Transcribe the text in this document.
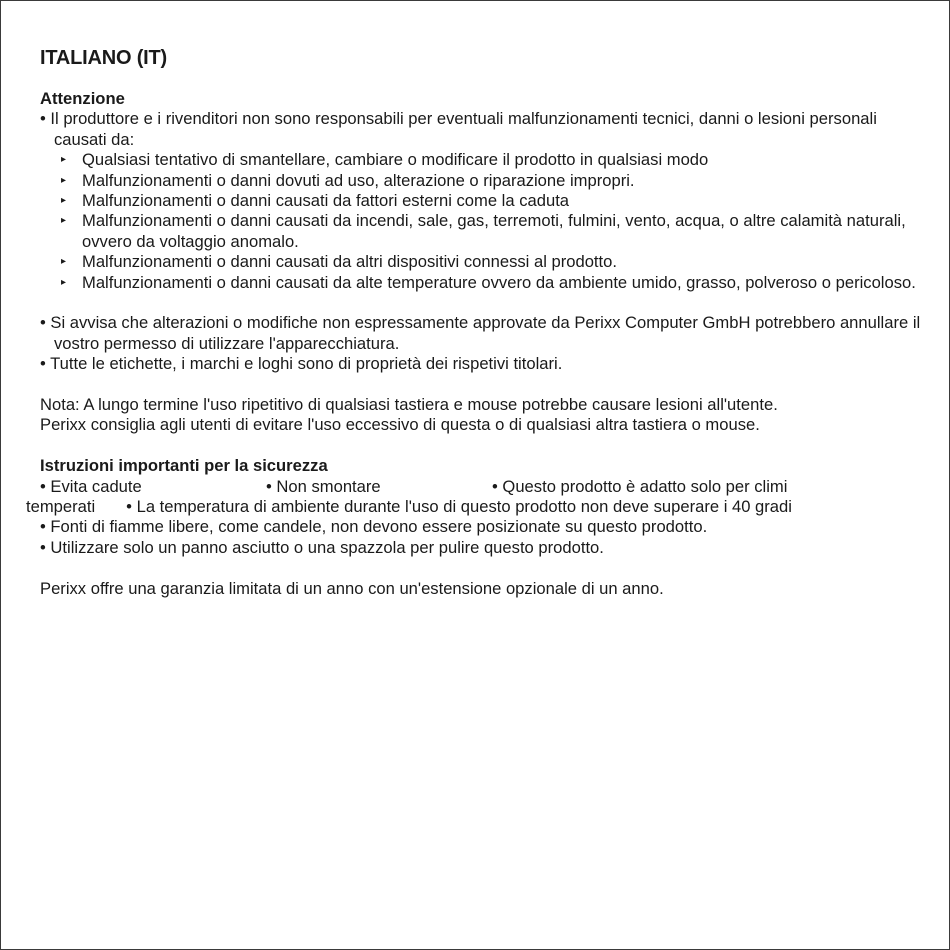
ITALIANO (IT)
Attenzione
• Il produttore e i rivenditori non sono responsabili per eventuali malfunzionamenti tecnici, danni o lesioni personali causati da:
▸ Qualsiasi tentativo di smantellare, cambiare o modificare il prodotto in qualsiasi modo
▸ Malfunzionamenti o danni dovuti ad uso, alterazione o riparazione impropri.
▸ Malfunzionamenti o danni causati da fattori esterni come la caduta
▸ Malfunzionamenti o danni causati da incendi, sale, gas, terremoti, fulmini, vento, acqua, o altre calamità naturali, ovvero da voltaggio anomalo.
▸ Malfunzionamenti o danni causati da altri dispositivi connessi al prodotto.
▸ Malfunzionamenti o danni causati da alte temperature ovvero da ambiente umido, grasso, polveroso o pericoloso.
• Si avvisa che alterazioni o modifiche non espressamente approvate da Perixx Computer GmbH potrebbero annullare il vostro permesso di utilizzare l'apparecchiatura.
• Tutte le etichette, i marchi e loghi sono di proprietà dei rispetivi titolari.
Nota: A lungo termine l'uso ripetitivo di qualsiasi tastiera e mouse potrebbe causare lesioni all'utente.
Perixx consiglia agli utenti di evitare l'uso eccessivo di questa o di qualsiasi altra tastiera o mouse.
Istruzioni importanti per la sicurezza
• Evita cadute	• Non smontare	• Questo prodotto è adatto solo per climi
temperati • La temperatura di ambiente durante l'uso di questo prodotto non deve superare i 40 gradi
• Fonti di fiamme libere, come candele, non devono essere posizionate su questo prodotto.
• Utilizzare solo un panno asciutto o una spazzola per pulire questo prodotto.
Perixx offre una garanzia limitata di un anno con un'estensione opzionale di un anno.
